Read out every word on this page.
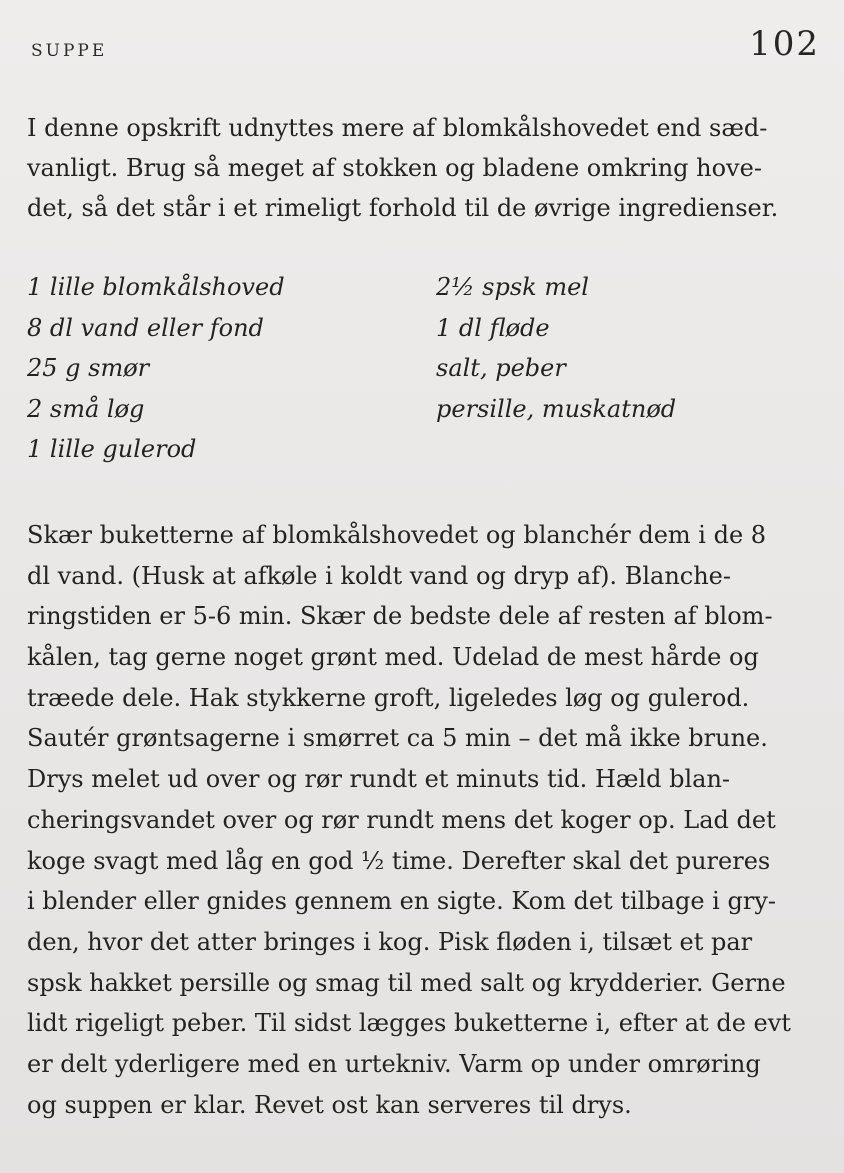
SUPPE	102
I denne opskrift udnyttes mere af blomkålshovedet end sæd-
vanligt. Brug så meget af stokken og bladene omkring hove-
det, så det står i et rimeligt forhold til de øvrige ingredienser.
1 lille blomkålshoved
8 dl vand eller fond
25 g smør
2 små løg
1 lille gulerod
2½ spsk mel
1 dl fløde
salt, peber
persille, muskatnød
Skær buketterne af blomkålshovedet og blanchér dem i de 8
dl vand. (Husk at afkøle i koldt vand og dryp af). Blanche-
ringstiden er 5-6 min. Skær de bedste dele af resten af blom-
kålen, tag gerne noget grønt med. Udelad de mest hårde og
træede dele. Hak stykkerne groft, ligeledes løg og gulerod.
Sautér grøntsagerne i smørret ca 5 min – det må ikke brune.
Drys melet ud over og rør rundt et minuts tid. Hæld blan-
cheringsvandet over og rør rundt mens det koger op. Lad det
koge svagt med låg en god ½ time. Derefter skal det pureres
i blender eller gnides gennem en sigte. Kom det tilbage i gry-
den, hvor det atter bringes i kog. Pisk fløden i, tilsæt et par
spsk hakket persille og smag til med salt og krydderier. Gerne
lidt rigeligt peber. Til sidst lægges buketterne i, efter at de evt
er delt yderligere med en urtekniv. Varm op under omrøring
og suppen er klar. Revet ost kan serveres til drys.
